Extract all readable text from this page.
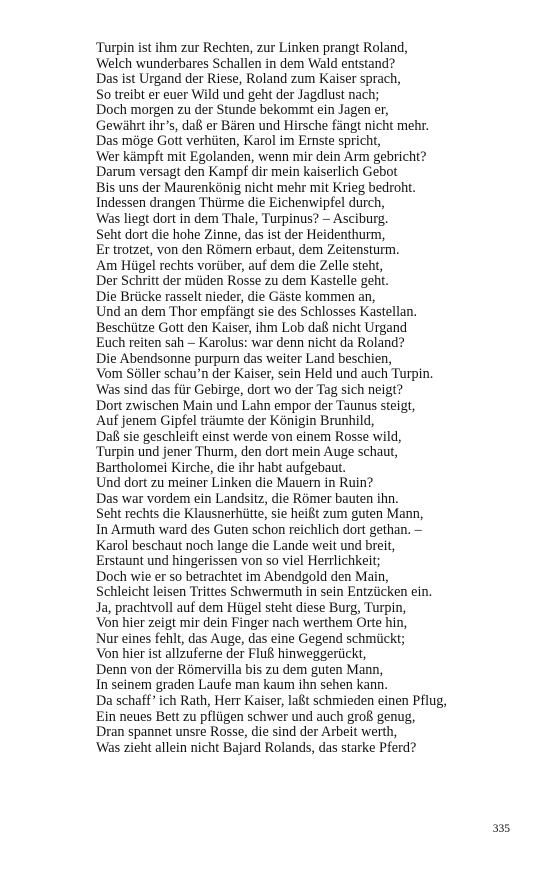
Turpin ist ihm zur Rechten, zur Linken prangt Roland,
Welch wunderbares Schallen in dem Wald entstand?
Das ist Urgand der Riese, Roland zum Kaiser sprach,
So treibt er euer Wild und geht der Jagdlust nach;
Doch morgen zu der Stunde bekommt ein Jagen er,
Gewährt ihr’s, daß er Bären und Hirsche fängt nicht mehr.
Das möge Gott verhüten, Karol im Ernste spricht,
Wer kämpft mit Egolanden, wenn mir dein Arm gebricht?
Darum versagt den Kampf dir mein kaiserlich Gebot
Bis uns der Maurenkönig nicht mehr mit Krieg bedroht.
Indessen drangen Thürme die Eichenwipfel durch,
Was liegt dort in dem Thale, Turpinus? – Asciburg.
Seht dort die hohe Zinne, das ist der Heidenthurm,
Er trotzet, von den Römern erbaut, dem Zeitensturm.
Am Hügel rechts vorüber, auf dem die Zelle steht,
Der Schritt der müden Rosse zu dem Kastelle geht.
Die Brücke rasselt nieder, die Gäste kommen an,
Und an dem Thor empfängt sie des Schlosses Kastellan.
Beschütze Gott den Kaiser, ihm Lob daß nicht Urgand
Euch reiten sah – Karolus: war denn nicht da Roland?
Die Abendsonne purpurn das weiter Land beschien,
Vom Söller schau’n der Kaiser, sein Held und auch Turpin.
Was sind das für Gebirge, dort wo der Tag sich neigt?
Dort zwischen Main und Lahn empor der Taunus steigt,
Auf jenem Gipfel träumte der Königin Brunhild,
Daß sie geschleift einst werde von einem Rosse wild,
Turpin und jener Thurm, den dort mein Auge schaut,
Bartholomei Kirche, die ihr habt aufgebaut.
Und dort zu meiner Linken die Mauern in Ruin?
Das war vordem ein Landsitz, die Römer bauten ihn.
Seht rechts die Klausnerhütte, sie heißt zum guten Mann,
In Armuth ward des Guten schon reichlich dort gethan. –
Karol beschaut noch lange die Lande weit und breit,
Erstaunt und hingerissen von so viel Herrlichkeit;
Doch wie er so betrachtet im Abendgold den Main,
Schleicht leisen Trittes Schwermuth in sein Entzücken ein.
Ja, prachtvoll auf dem Hügel steht diese Burg, Turpin,
Von hier zeigt mir dein Finger nach werthem Orte hin,
Nur eines fehlt, das Auge, das eine Gegend schmückt;
Von hier ist allzuferne der Fluß hinweggerückt,
Denn von der Römervilla bis zu dem guten Mann,
In seinem graden Laufe man kaum ihn sehen kann.
Da schaff’ ich Rath, Herr Kaiser, laßt schmieden einen Pflug,
Ein neues Bett zu pflügen schwer und auch groß genug,
Dran spannet unsre Rosse, die sind der Arbeit werth,
Was zieht allein nicht Bajard Rolands, das starke Pferd?
335
